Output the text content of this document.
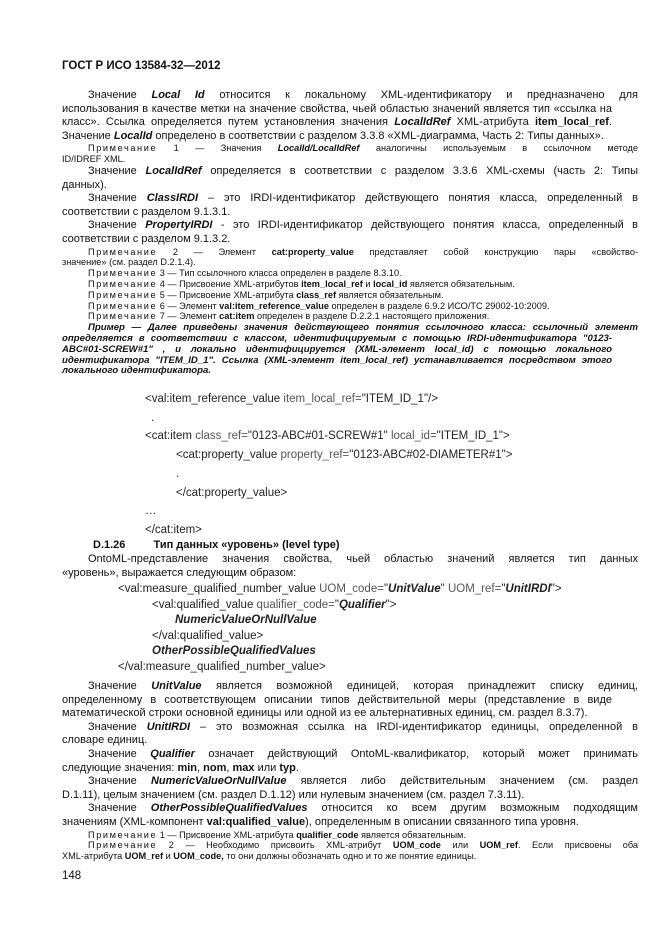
ГОСТ Р ИСО 13584-32—2012
Значение Local Id относится к локальному XML-идентификатору и предназначено для
использования в качестве метки на значение свойства, чьей областью значений является тип «ссылка на
класс». Ссылка определяется путем установления значения LocalIdRef XML-атрибута item_local_ref.
Значение LocalId определено в соответствии с разделом 3.3.8 «XML-диаграмма, Часть 2: Типы данных».
Примечание 1 — Значения LocalId/LocalIdRef аналогичны используемым в ссылочном методе
ID/IDREF XML.
Значение LocalIdRef определяется в соответствии с разделом 3.3.6 XML-схемы (часть 2: Типы
данных).
Значение ClassIRDI – это IRDI-идентификатор действующего понятия класса, определенный в
соответствии с разделом 9.1.3.1.
Значение PropertyIRDI - это IRDI-идентификатор действующего понятия класса, определенный в
соответствии с разделом 9.1.3.2.
Примечание 2 — Элемент cat:property_value представляет собой конструкцию пары «свойство-
значение» (см. раздел D.2.1.4).
Примечание 3 — Тип ссылочного класса определен в разделе 8.3.10.
Примечание 4 — Присвоение XML-атрибутов item_local_ref и local_id является обязательным.
Примечание 5 — Присвоение XML-атрибута class_ref является обязательным.
Примечание 6 — Элемент val:item_reference_value определен в разделе 6.9.2 ИСО/ТС 29002-10:2009.
Примечание 7 — Элемент cat:item определен в разделе D.2.2.1 настоящего приложения.
Пример — Далее приведены значения действующего понятия ссылочного класса: ссылочный элемент
определяется в соответствии с классом, идентифицируемым с помощью IRDI-идентификатора "0123-
ABC#01-SCREW#1" , и локально идентифицируется (XML-элемент local_id) с помощью локального
идентификатора "ITEM_ID_1". Ссылка (XML-элемент item_local_ref) устанавливается посредством этого
локального идентификатора.
<val:item_reference_value item_local_ref="ITEM_ID_1"/>
.
<cat:item class_ref="0123-ABC#01-SCREW#1" local_id="ITEM_ID_1">
<cat:property_value property_ref="0123-ABC#02-DIAMETER#1">
.
</cat:property_value>
…
</cat:item>
D.1.26	Тип данных «уровень» (level type)
OntoML-представление значения свойства, чьей областью значений является тип данных
«уровень», выражается следующим образом:
<val:measure_qualified_number_value UOM_code="UnitValue" UOM_ref="UnitIRDI">
<val:qualified_value qualifier_code="Qualifier">
NumericValueOrNullValue
</val:qualified_value>
OtherPossibleQualifiedValues
</val:measure_qualified_number_value>
Значение UnitValue является возможной единицей, которая принадлежит списку единиц,
определенному в соответствующем описании типов действительной меры (представление в виде
математической строки основной единицы или одной из ее альтернативных единиц, см. раздел 8.3.7).
Значение UnitIRDI – это возможная ссылка на IRDI-идентификатор единицы, определенной в
словаре единиц.
Значение Qualifier означает действующий OntoML-квалификатор, который может принимать
следующие значения: min, nom, max или typ.
Значение NumericValueOrNullValue является либо действительным значением (см. раздел
D.1.11), целым значением (см. раздел D.1.12) или нулевым значением (см. раздел 7.3.11).
Значение OtherPossibleQualifiedValues относится ко всем другим возможным подходящим
значениям (XML-компонент val:qualified_value), определенным в описании связанного типа уровня.
Примечание 1 — Присвоение XML-атрибута qualifier_code является обязательным.
Примечание 2 — Необходимо присвоить XML-атрибут UOM_code или UOM_ref. Если присвоены оба
XML-атрибута UOM_ref и UOM_code, то они должны обозначать одно и то же понятие единицы.
148
